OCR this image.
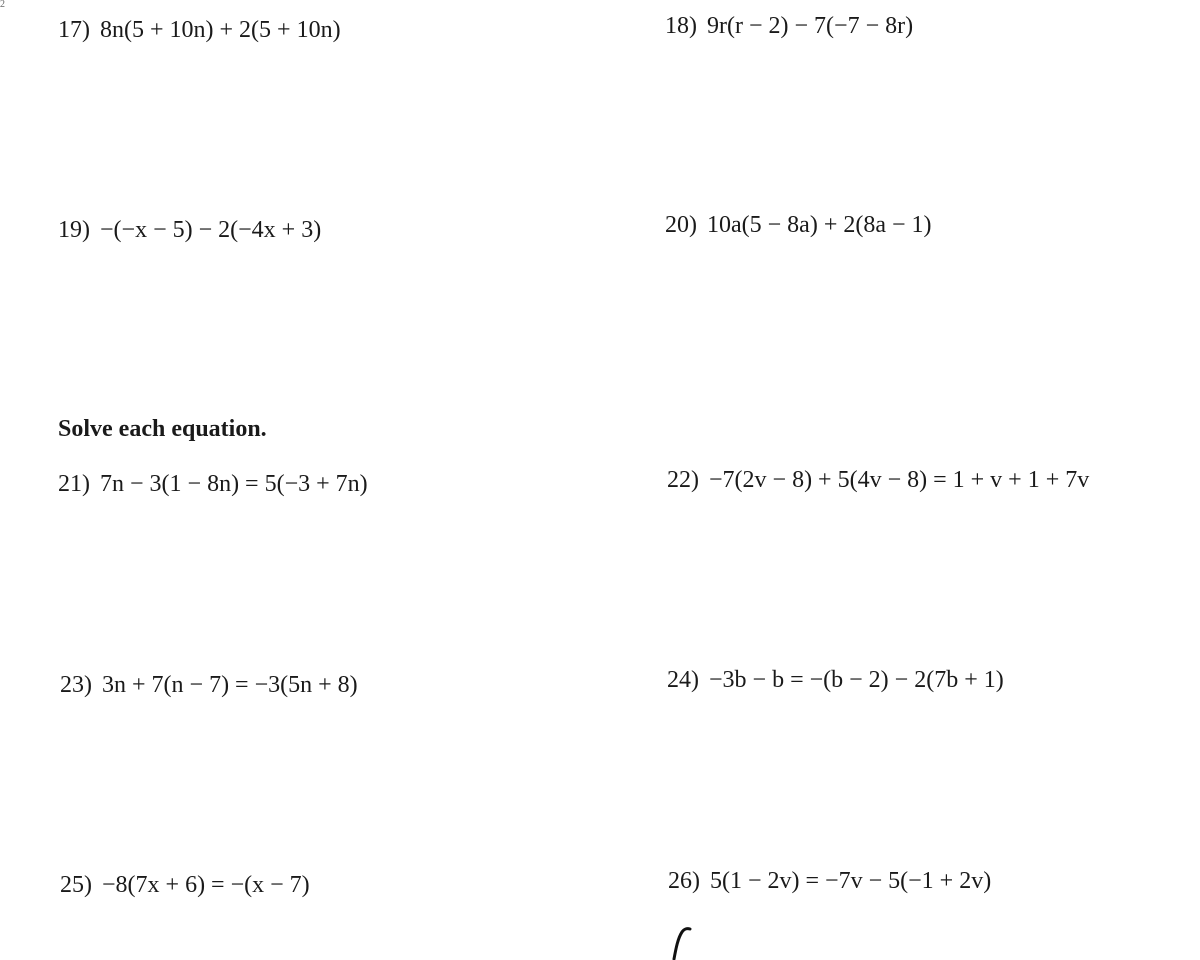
2
17) 8n(5 + 10n) + 2(5 + 10n)	18) 9r(r − 2) − 7(−7 − 8r)
19) −(−x − 5) − 2(−4x + 3)	20) 10a(5 − 8a) + 2(8a − 1)
Solve each equation.
21) 7n − 3(1 − 8n) = 5(−3 + 7n)	22) −7(2v − 8) + 5(4v − 8) = 1 + v + 1 + 7v
23) 3n + 7(n − 7) = −3(5n + 8)	24) −3b − b = −(b − 2) − 2(7b + 1)
25) −8(7x + 6) = −(x − 7)	26) 5(1 − 2v) = −7v − 5(−1 + 2v)
